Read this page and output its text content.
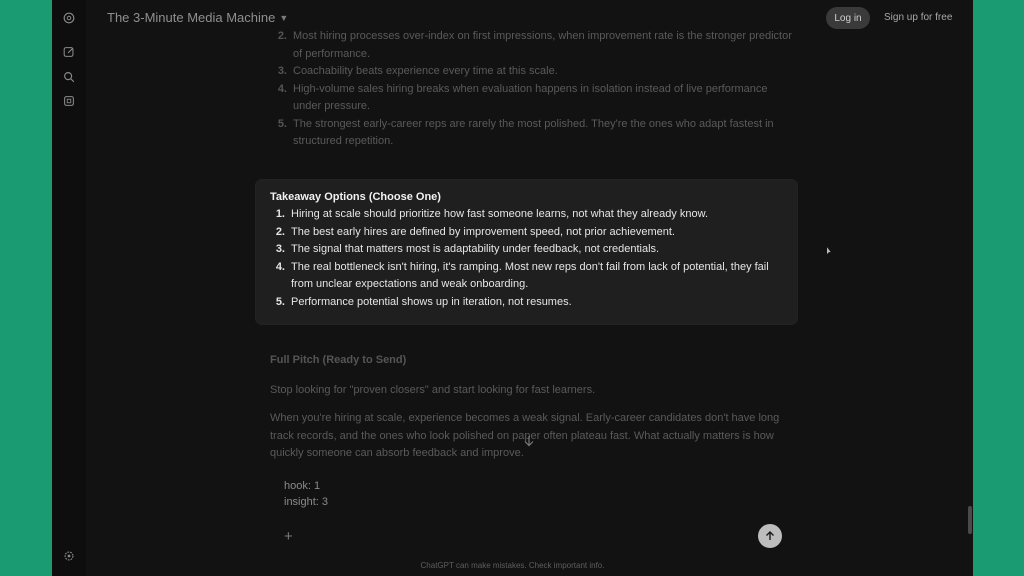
The 3-Minute Media Machine ▼	Log in	Sign up for free
2. Most hiring processes over-index on first impressions, when improvement rate is the stronger predictor of performance.
3. Coachability beats experience every time at this scale.
4. High-volume sales hiring breaks when evaluation happens in isolation instead of live performance under pressure.
5. The strongest early-career reps are rarely the most polished. They're the ones who adapt fastest in structured repetition.
Takeaway Options (Choose One)
1. Hiring at scale should prioritize how fast someone learns, not what they already know.
2. The best early hires are defined by improvement speed, not prior achievement.
3. The signal that matters most is adaptability under feedback, not credentials.
4. The real bottleneck isn't hiring, it's ramping. Most new reps don't fail from lack of potential, they fail from unclear expectations and weak onboarding.
5. Performance potential shows up in iteration, not resumes.
Full Pitch (Ready to Send)
Stop looking for "proven closers" and start looking for fast learners.
When you're hiring at scale, experience becomes a weak signal. Early-career candidates don't have long track records, and the ones who look polished on paper often plateau fast. What actually matters is how quickly someone can absorb feedback and improve.
hook: 1
insight: 3
+
ChatGPT can make mistakes. Check important info.
